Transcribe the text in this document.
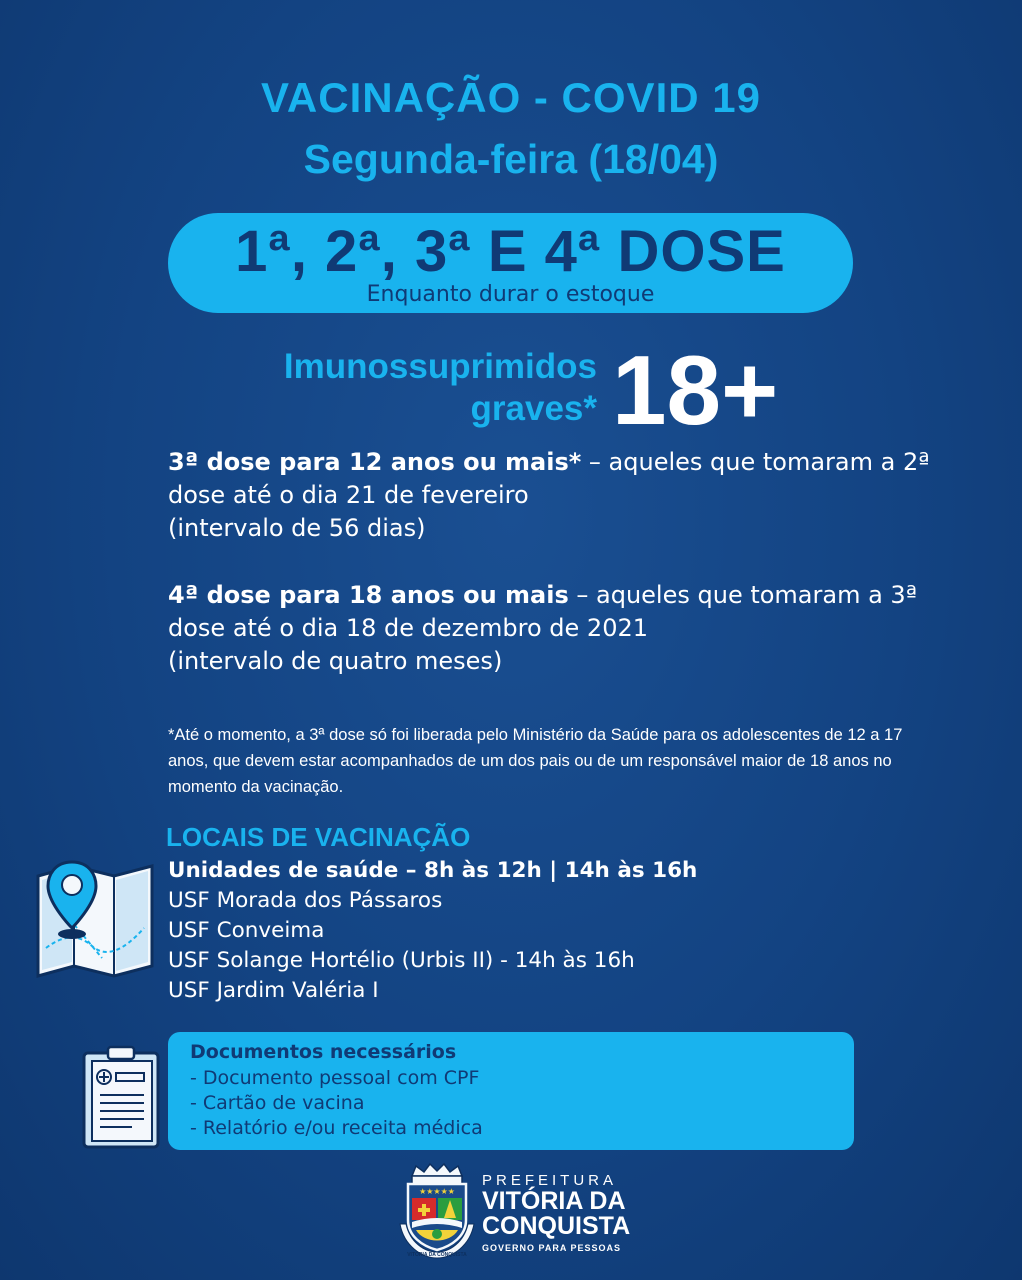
VACINAÇÃO - COVID 19
Segunda-feira (18/04)
1ª, 2ª, 3ª E 4ª DOSE
Enquanto durar o estoque
Imunossuprimidos
graves* 18+
3ª dose para 12 anos ou mais* – aqueles que tomaram a 2ª dose até o dia 21 de fevereiro
(intervalo de 56 dias)
4ª dose para 18 anos ou mais – aqueles que tomaram a 3ª dose até o dia 18 de dezembro de 2021
(intervalo de quatro meses)
*Até o momento, a 3ª dose só foi liberada pelo Ministério da Saúde para os adolescentes de 12 a 17 anos, que devem estar acompanhados de um dos pais ou de um responsável maior de 18 anos no momento da vacinação.
LOCAIS DE VACINAÇÃO
Unidades de saúde – 8h às 12h | 14h às 16h
USF Morada dos Pássaros
USF Conveima
USF Solange Hortélio (Urbis II) - 14h às 16h
USF Jardim Valéria I
Documentos necessários
- Documento pessoal com CPF
- Cartão de vacina
- Relatório e/ou receita médica
★★★★★
VITÓRIA DA CONQUISTA
PREFEITURA
VITÓRIA DA
CONQUISTA
GOVERNO PARA PESSOAS
